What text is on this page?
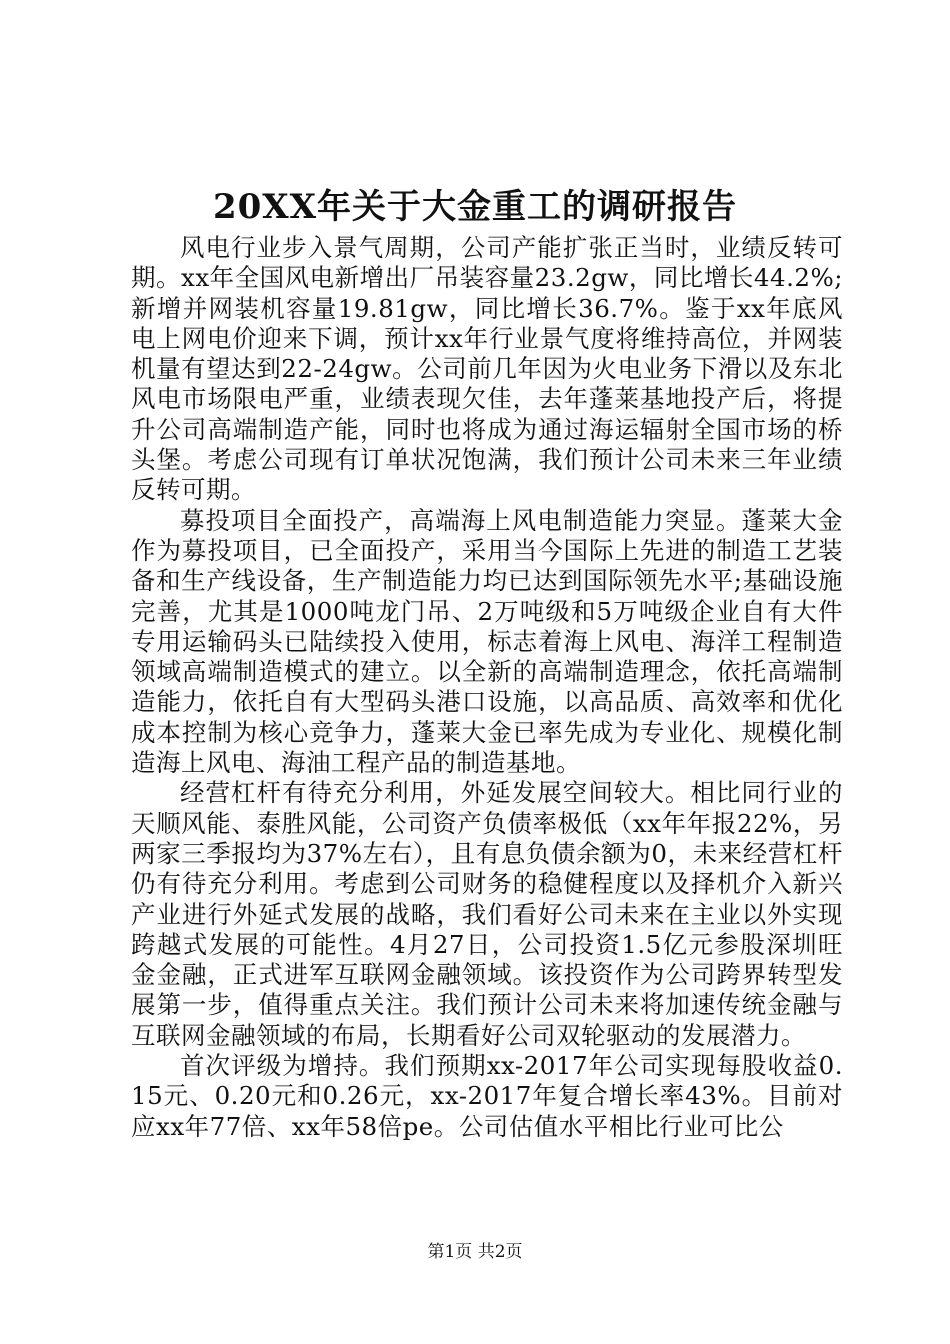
20XX年关于大金重工的调研报告

风电行业步入景气周期，公司产能扩张正当时，业绩反转可期。xx年全国风电新增出厂吊装容量23.2gw，同比增长44.2%;新增并网装机容量19.81gw，同比增长36.7%。鉴于xx年底风电上网电价迎来下调，预计xx年行业景气度将维持高位，并网装机量有望达到22-24gw。公司前几年因为火电业务下滑以及东北风电市场限电严重，业绩表现欠佳，去年蓬莱基地投产后，将提升公司高端制造产能，同时也将成为通过海运辐射全国市场的桥头堡。考虑公司现有订单状况饱满，我们预计公司未来三年业绩反转可期。

募投项目全面投产，高端海上风电制造能力突显。蓬莱大金作为募投项目，已全面投产，采用当今国际上先进的制造工艺装备和生产线设备，生产制造能力均已达到国际领先水平;基础设施完善，尤其是1000吨龙门吊、2万吨级和5万吨级企业自有大件专用运输码头已陆续投入使用，标志着海上风电、海洋工程制造领域高端制造模式的建立。以全新的高端制造理念，依托高端制造能力，依托自有大型码头港口设施，以高品质、高效率和优化成本控制为核心竞争力，蓬莱大金已率先成为专业化、规模化制造海上风电、海油工程产品的制造基地。

经营杠杆有待充分利用，外延发展空间较大。相比同行业的天顺风能、泰胜风能，公司资产负债率极低（xx年年报22%，另两家三季报均为37%左右），且有息负债余额为0，未来经营杠杆仍有待充分利用。考虑到公司财务的稳健程度以及择机介入新兴产业进行外延式发展的战略，我们看好公司未来在主业以外实现跨越式发展的可能性。4月27日，公司投资1.5亿元参股深圳旺金金融，正式进军互联网金融领域。该投资作为公司跨界转型发展第一步，值得重点关注。我们预计公司未来将加速传统金融与互联网金融领域的布局，长期看好公司双轮驱动的发展潜力。

首次评级为增持。我们预期xx-2017年公司实现每股收益0.15元、0.20元和0.26元，xx-2017年复合增长率43%。目前对应xx年77倍、xx年58倍pe。公司估值水平相比行业可比公

第1页 共2页
